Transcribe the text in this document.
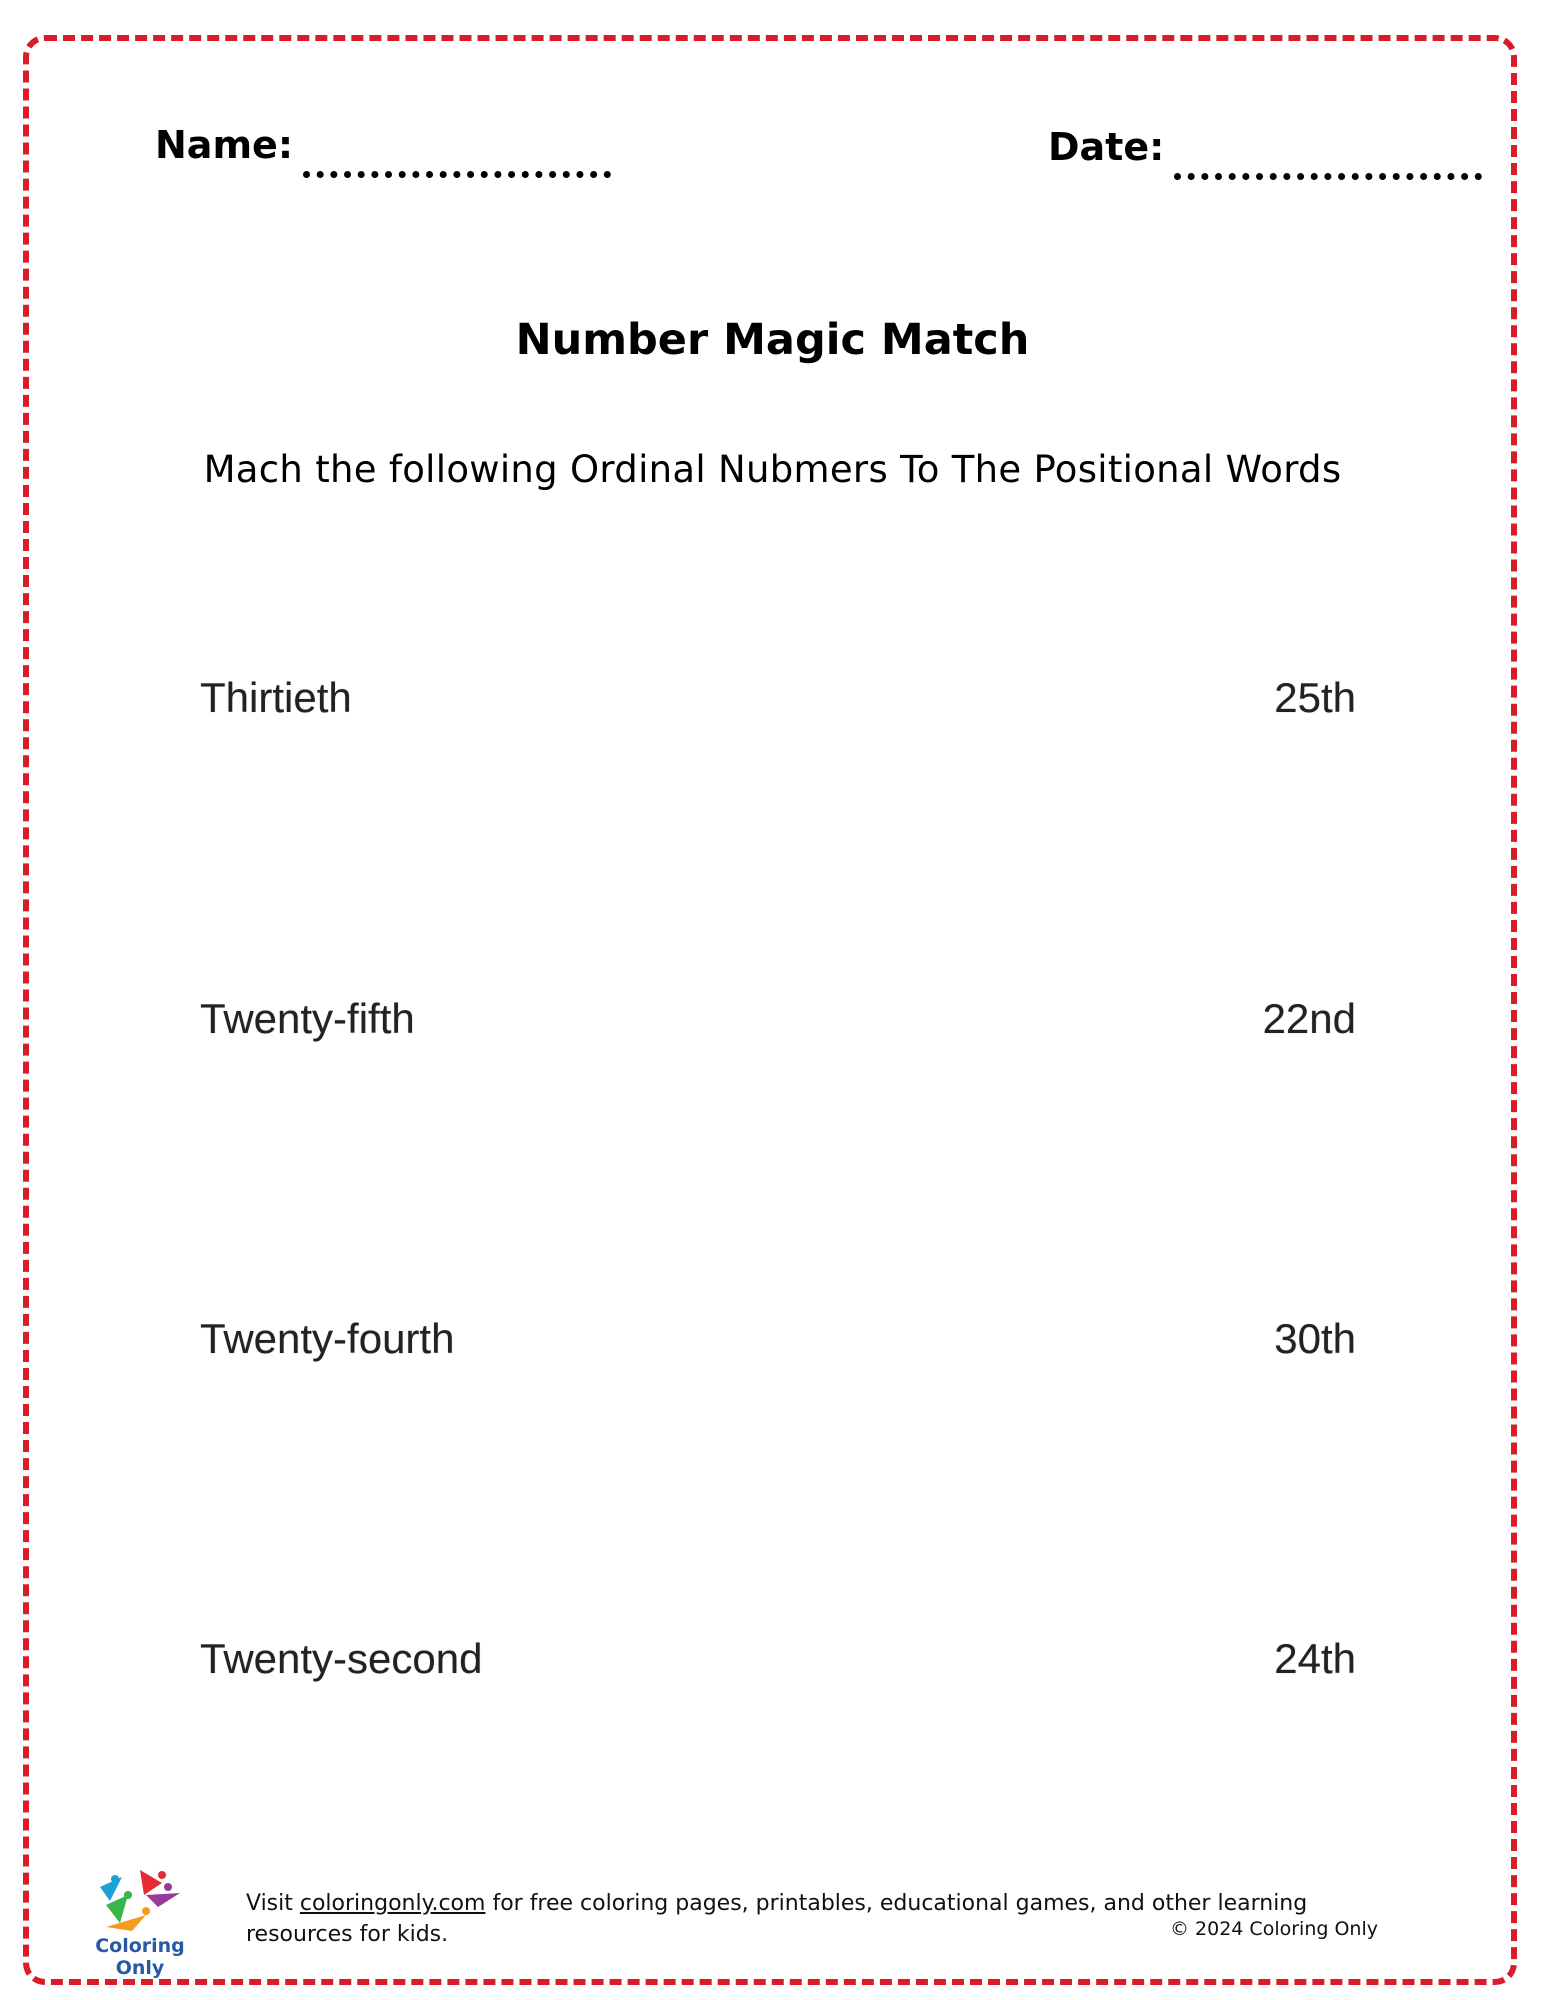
Name:	Date:
Number Magic Match
Mach the following Ordinal Nubmers To The Positional Words
Thirtieth	25th
Twenty-fifth	22nd
Twenty-fourth	30th
Twenty-second	24th
Coloring Only
Visit coloringonly.com for free coloring pages, printables, educational games, and other learning resources for kids.	© 2024 Coloring Only
